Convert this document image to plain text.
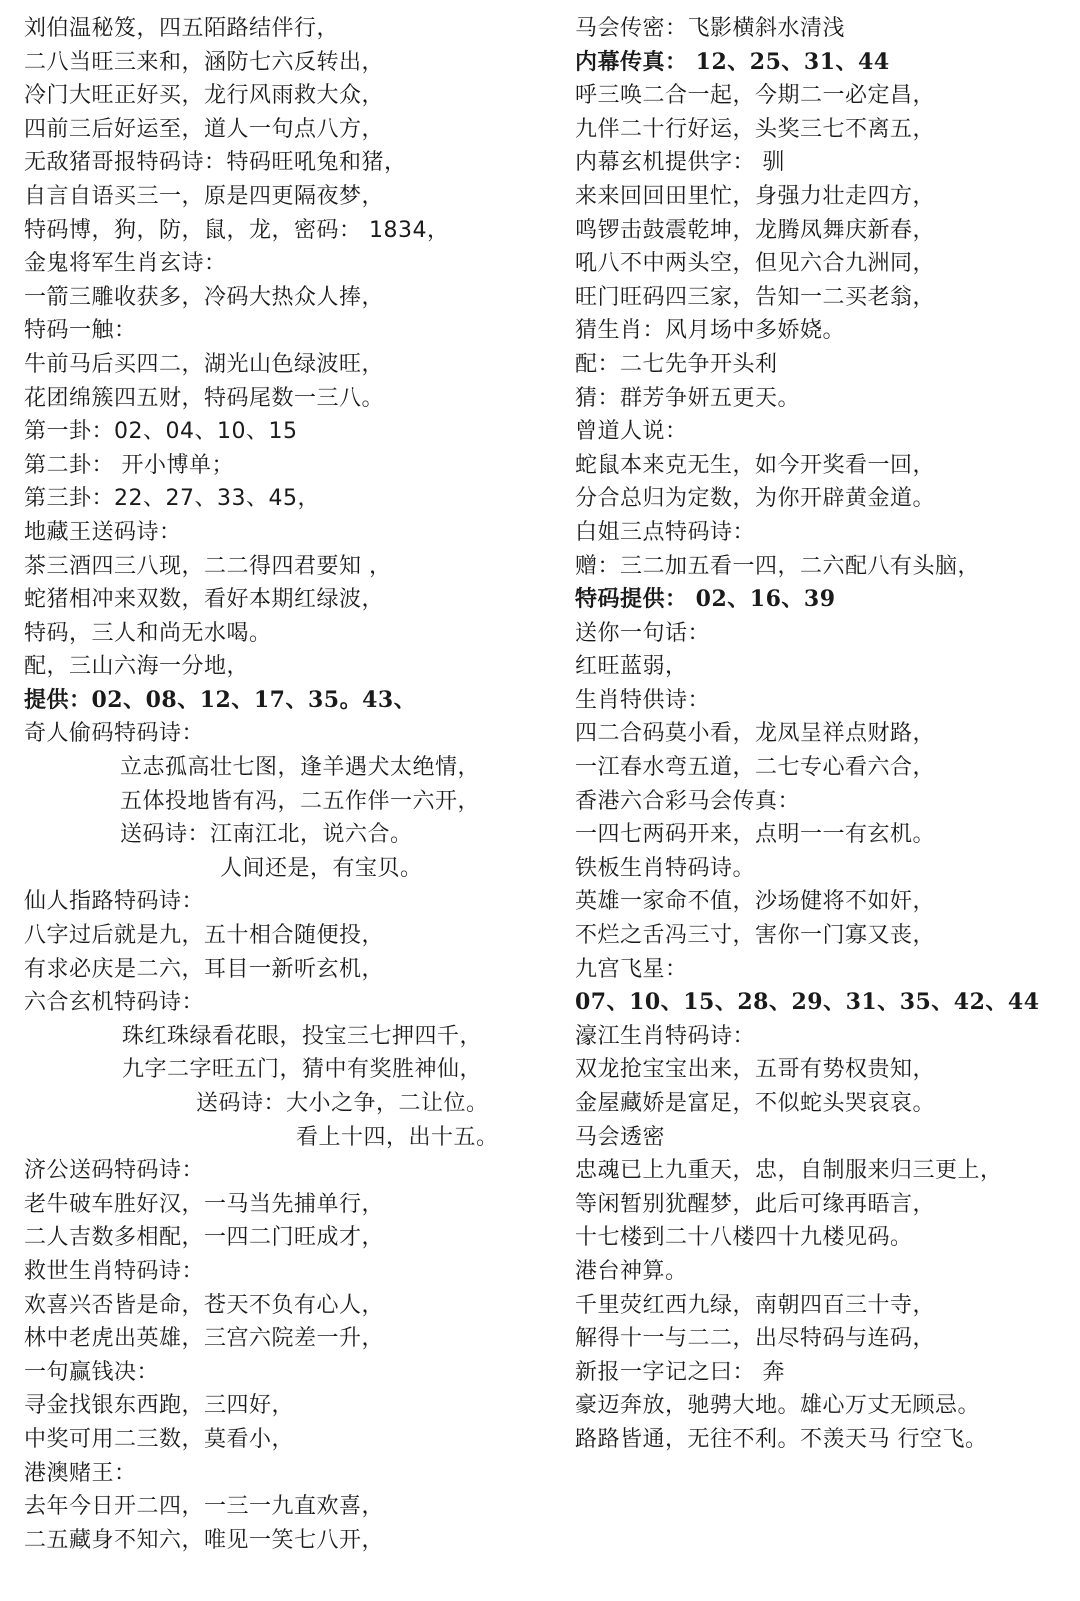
刘伯温秘笈，四五陌路结伴行，
二八当旺三来和，涵防七六反转出，
冷门大旺正好买，龙行风雨救大众，
四前三后好运至，道人一句点八方，
无敌猪哥报特码诗：特码旺吼兔和猪，
自言自语买三一，原是四更隔夜梦，
特码博，狗，防，鼠，龙，密码： 1834，
金鬼将军生肖玄诗：
一箭三雕收获多，冷码大热众人捧，
特码一触：
牛前马后买四二，湖光山色绿波旺，
花团绵簇四五财，特码尾数一三八。
第一卦：02、04、10、15
第二卦： 开小博单；
第三卦：22、27、33、45，
地藏王送码诗：
茶三酒四三八现，二二得四君要知 ，
蛇猪相冲来双数，看好本期红绿波，
特码，三人和尚无水喝。
配，三山六海一分地，
提供：02、08、12、17、35。43、
奇人偷码特码诗：
立志孤高壮七图，逢羊遇犬太绝情，
五体投地皆有冯，二五作伴一六开，
送码诗：江南江北，说六合。
人间还是，有宝贝。
仙人指路特码诗：
八字过后就是九，五十相合随便投，
有求必庆是二六，耳目一新听玄机，
六合玄机特码诗：
珠红珠绿看花眼，投宝三七押四千，
九字二字旺五门，猜中有奖胜神仙，
送码诗：大小之争，二让位。
看上十四，出十五。
济公送码特码诗：
老牛破车胜好汉，一马当先捕单行，
二人吉数多相配，一四二门旺成才，
救世生肖特码诗：
欢喜兴否皆是命，苍天不负有心人，
林中老虎出英雄，三宫六院差一升，
一句赢钱决：
寻金找银东西跑，三四好，
中奖可用二三数，莫看小，
港澳赌王：
去年今日开二四，一三一九直欢喜，
二五藏身不知六，唯见一笑七八开，
马会传密：飞影横斜水清浅
内幕传真： 12、25、31、44
呼三唤二合一起，今期二一必定昌，
九伴二十行好运，头奖三七不离五，
内幕玄机提供字： 驯
来来回回田里忙，身强力壮走四方，
鸣锣击鼓震乾坤，龙腾凤舞庆新春，
吼八不中两头空，但见六合九洲同，
旺门旺码四三家，告知一二买老翁，
猜生肖：风月场中多娇娆。
配：二七先争开头利
猜：群芳争妍五更天。
曾道人说：
蛇鼠本来克无生，如今开奖看一回，
分合总归为定数，为你开辟黄金道。
白姐三点特码诗：
赠：三二加五看一四，二六配八有头脑，
特码提供： 02、16、39
送你一句话：
红旺蓝弱，
生肖特供诗：
四二合码莫小看，龙凤呈祥点财路，
一江春水弯五道，二七专心看六合，
香港六合彩马会传真：
一四七两码开来，点明一一有玄机。
铁板生肖特码诗。
英雄一家命不值，沙场健将不如奸，
不烂之舌冯三寸，害你一门寡又丧，
九宫飞星：
07、10、15、28、29、31、35、42、44
濠江生肖特码诗：
双龙抢宝宝出来，五哥有势权贵知，
金屋藏娇是富足，不似蛇头哭哀哀。
马会透密
忠魂已上九重天，忠，自制服来归三更上，
等闲暂别犹醒梦，此后可缘再晤言，
十七楼到二十八楼四十九楼见码。
港台神算。
千里荧红西九绿，南朝四百三十寺，
解得十一与二二，出尽特码与连码，
新报一字记之曰： 奔
豪迈奔放，驰骋大地。雄心万丈无顾忌。
路路皆通，无往不利。不羡天马 行空飞。
